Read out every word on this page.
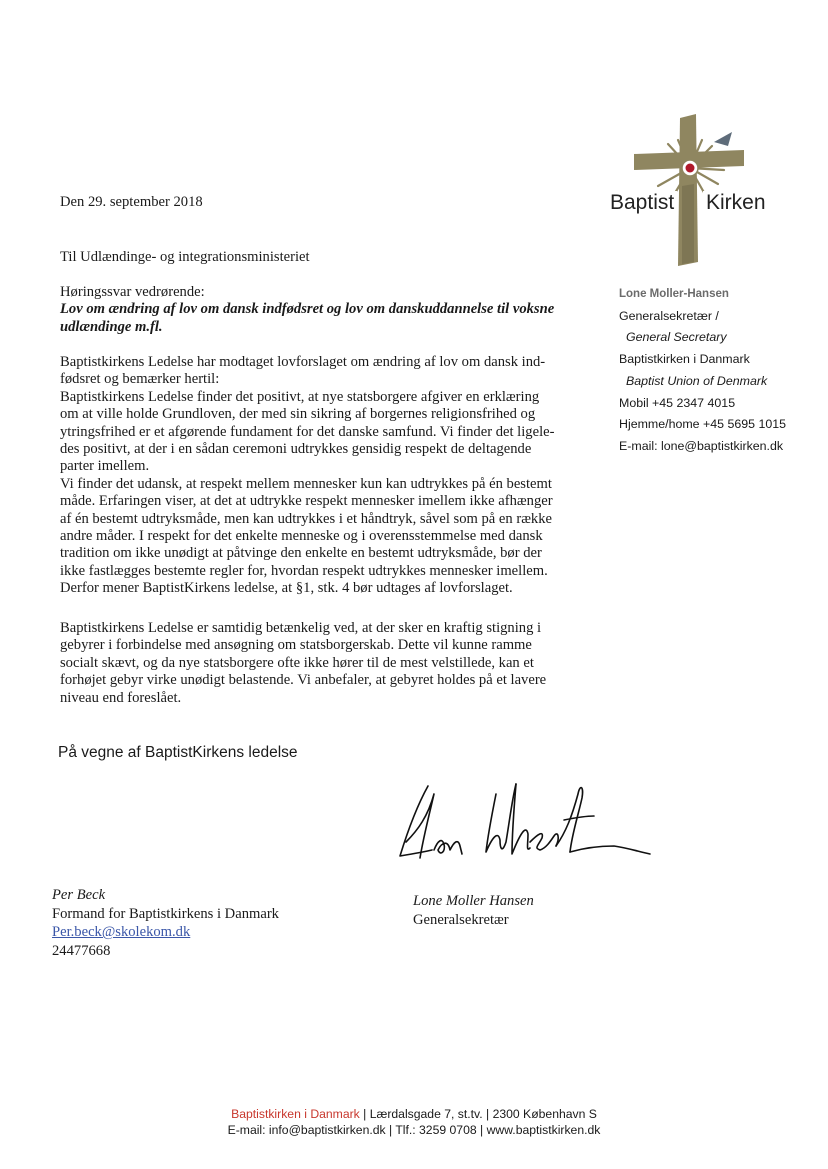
Den 29. september 2018
Til Udlændinge- og integrationsministeriet
Høringssvar vedrørende:
Lov om ændring af lov om dansk indfødsret og lov om danskuddannelse til voksne
udlændinge m.fl.
Baptistkirkens Ledelse har modtaget lovforslaget om ændring af lov om dansk ind-
fødsret og bemærker hertil:
Baptistkirkens Ledelse finder det positivt, at nye statsborgere afgiver en erklæring
om at ville holde Grundloven, der med sin sikring af borgernes religionsfrihed og
ytringsfrihed er et afgørende fundament for det danske samfund. Vi finder det ligele-
des positivt, at der i en sådan ceremoni udtrykkes gensidig respekt de deltagende
parter imellem.
Vi finder det udansk, at respekt mellem mennesker kun kan udtrykkes på én bestemt
måde. Erfaringen viser, at det at udtrykke respekt mennesker imellem ikke afhænger
af én bestemt udtryksmåde, men kan udtrykkes i et håndtryk, såvel som på en række
andre måder. I respekt for det enkelte menneske og i overensstemmelse med dansk
tradition om ikke unødigt at påtvinge den enkelte en bestemt udtryksmåde, bør der
ikke fastlægges bestemte regler for, hvordan respekt udtrykkes mennesker imellem.
Derfor mener BaptistKirkens ledelse, at §1, stk. 4 bør udtages af lovforslaget.
Baptistkirkens Ledelse er samtidig betænkelig ved, at der sker en kraftig stigning i
gebyrer i forbindelse med ansøgning om statsborgerskab. Dette vil kunne ramme
socialt skævt, og da nye statsborgere ofte ikke hører til de mest velstillede, kan et
forhøjet gebyr virke unødigt belastende. Vi anbefaler, at gebyret holdes på et lavere
niveau end foreslået.
På vegne af BaptistKirkens ledelse
Per Beck
Formand for Baptistkirkens i Danmark
Per.beck@skolekom.dk
24477668
Lone Moller Hansen
Generalsekretær
Baptist Kirken
Lone Moller-Hansen
Generalsekretær /
General Secretary
Baptistkirken i Danmark
Baptist Union of Denmark
Mobil +45 2347 4015
Hjemme/home +45 5695 1015
E-mail: lone@baptistkirken.dk
Baptistkirken i Danmark | Lærdalsgade 7, st.tv. | 2300 København S
E-mail: info@baptistkirken.dk | Tlf.: 3259 0708 | www.baptistkirken.dk
